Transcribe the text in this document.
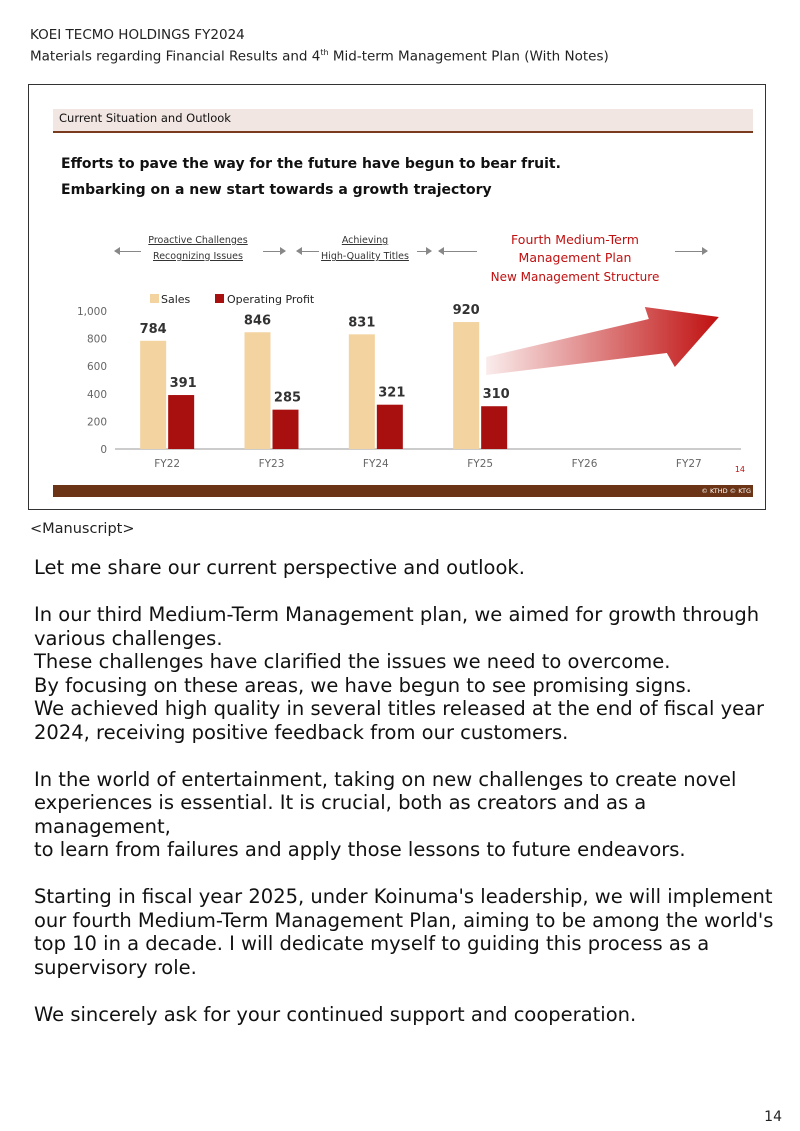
KOEI TECMO HOLDINGS FY2024
Materials regarding Financial Results and 4th Mid-term Management Plan (With Notes)
Current Situation and Outlook
Efforts to pave the way for the future have begun to bear fruit.
Embarking on a new start towards a growth trajectory
Proactive Challenges
Recognizing Issues
Achieving
High-Quality Titles
Fourth Medium-Term
Management Plan
New Management Structure
0
200
400
600
800
1,000
FY22	FY23	FY24	FY25	FY26	FY27
784
846	831
920
391
285	321	310
Sales	Operating Profit
14
© KTHD © KTG
<Manuscript>

Let me share our current perspective and outlook.

In our third Medium-Term Management plan, we aimed for growth through
various challenges.
These challenges have clarified the issues we need to overcome.
By focusing on these areas, we have begun to see promising signs.
We achieved high quality in several titles released at the end of fiscal year
2024, receiving positive feedback from our customers.

In the world of entertainment, taking on new challenges to create novel
experiences is essential. It is crucial, both as creators and as a management,
to learn from failures and apply those lessons to future endeavors.

Starting in fiscal year 2025, under Koinuma's leadership, we will implement
our fourth Medium-Term Management Plan, aiming to be among the world's
top 10 in a decade. I will dedicate myself to guiding this process as a
supervisory role.

We sincerely ask for your continued support and cooperation.

14
